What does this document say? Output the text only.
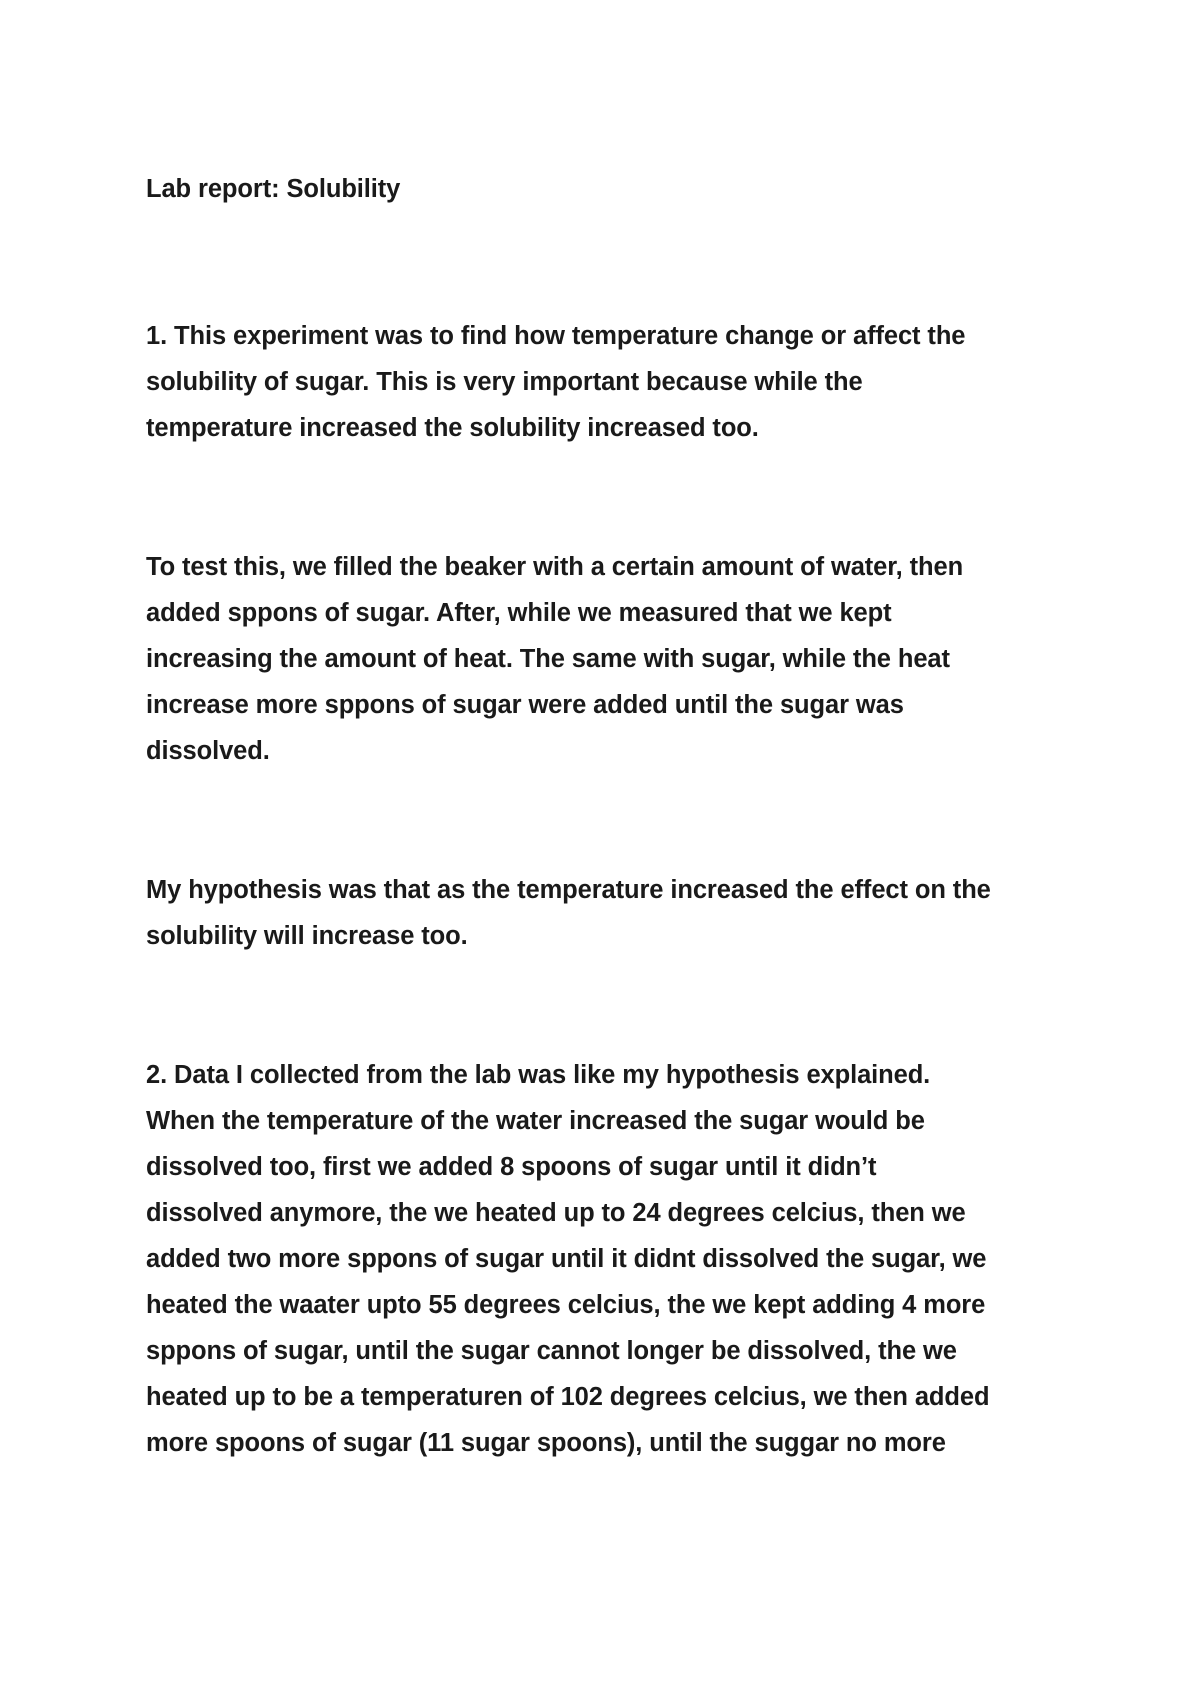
Lab report: Solubility

1. This experiment was to find how temperature change or affect the
solubility of sugar. This is very important because while the
temperature increased the solubility increased too.

To test this, we filled the beaker with a certain amount of water, then
added sppons of sugar. After, while we measured that we kept
increasing the amount of heat. The same with sugar, while the heat
increase more sppons of sugar were added until the sugar was
dissolved.

My hypothesis was that as the temperature increased the effect on the
solubility will increase too.

2. Data I collected from the lab was like my hypothesis explained.
When the temperature of the water increased the sugar would be
dissolved too, first we added 8 spoons of sugar until it didn’t
dissolved anymore, the we heated up to 24 degrees celcius, then we
added two more sppons of sugar until it didnt dissolved the sugar, we
heated the waater upto 55 degrees celcius, the we kept adding 4 more
sppons of sugar, until the sugar cannot longer be dissolved, the we
heated up to be a temperaturen of 102 degrees celcius, we then added
more spoons of sugar (11 sugar spoons), until the suggar no more
